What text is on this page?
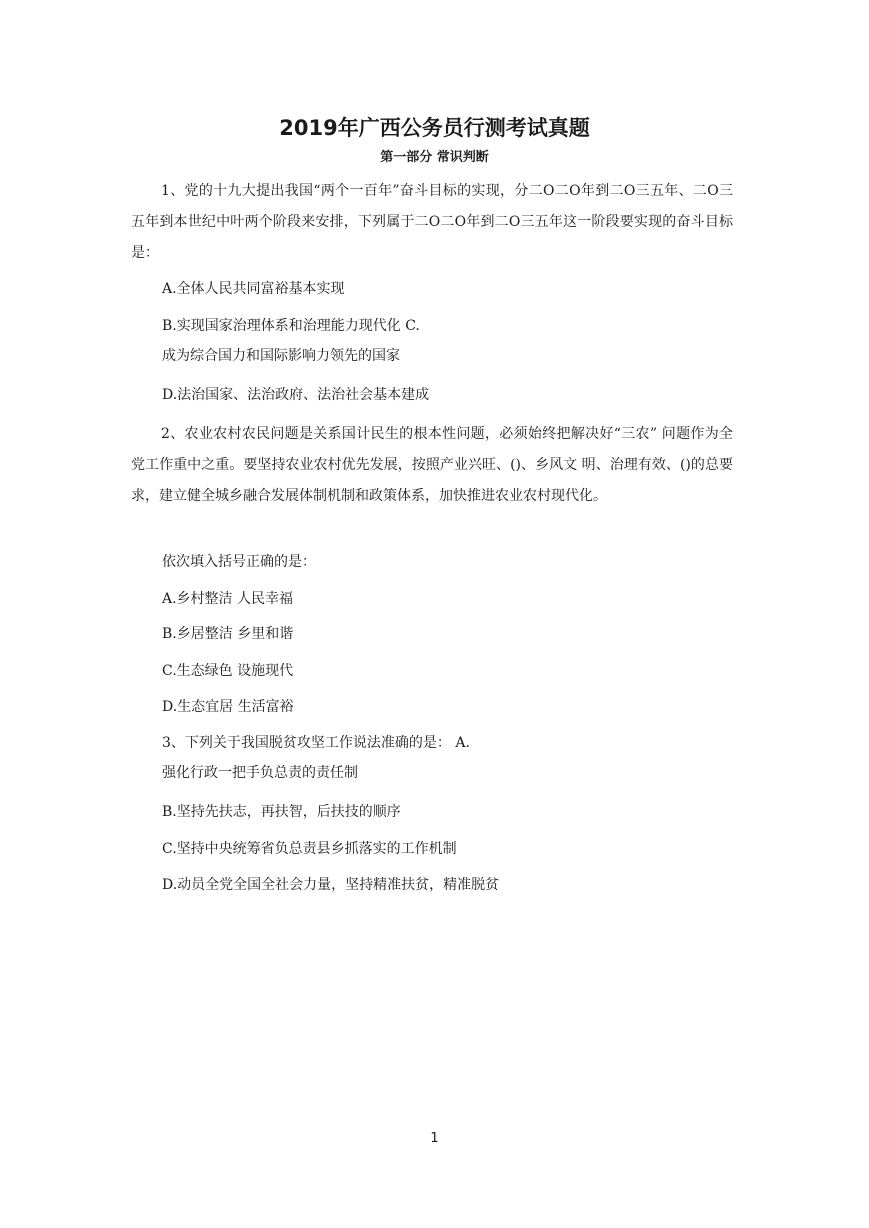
2019年广西公务员行测考试真题
第一部分 常识判断

1、党的十九大提出我国“两个一百年”奋斗目标的实现，分二O二O年到二O三五年、二O三五年到本世纪中叶两个阶段来安排，下列属于二O二O年到二O三五年这一阶段要实现的奋斗目标是：

A.全体人民共同富裕基本实现

B.实现国家治理体系和治理能力现代化 C.

成为综合国力和国际影响力领先的国家

D.法治国家、法治政府、法治社会基本建成

2、农业农村农民问题是关系国计民生的根本性问题，必须始终把解决好“三农” 问题作为全党工作重中之重。要坚持农业农村优先发展，按照产业兴旺、()、乡风文 明、治理有效、()的总要求，建立健全城乡融合发展体制机制和政策体系，加快推进农业农村现代化。

依次填入括号正确的是：

A.乡村整洁 人民幸福

B.乡居整洁 乡里和谐

C.生态绿色 设施现代

D.生态宜居 生活富裕

3、下列关于我国脱贫攻坚工作说法准确的是： A.

强化行政一把手负总责的责任制

B.坚持先扶志，再扶智，后扶技的顺序

C.坚持中央统筹省负总责县乡抓落实的工作机制

D.动员全党全国全社会力量，坚持精准扶贫，精准脱贫

1
